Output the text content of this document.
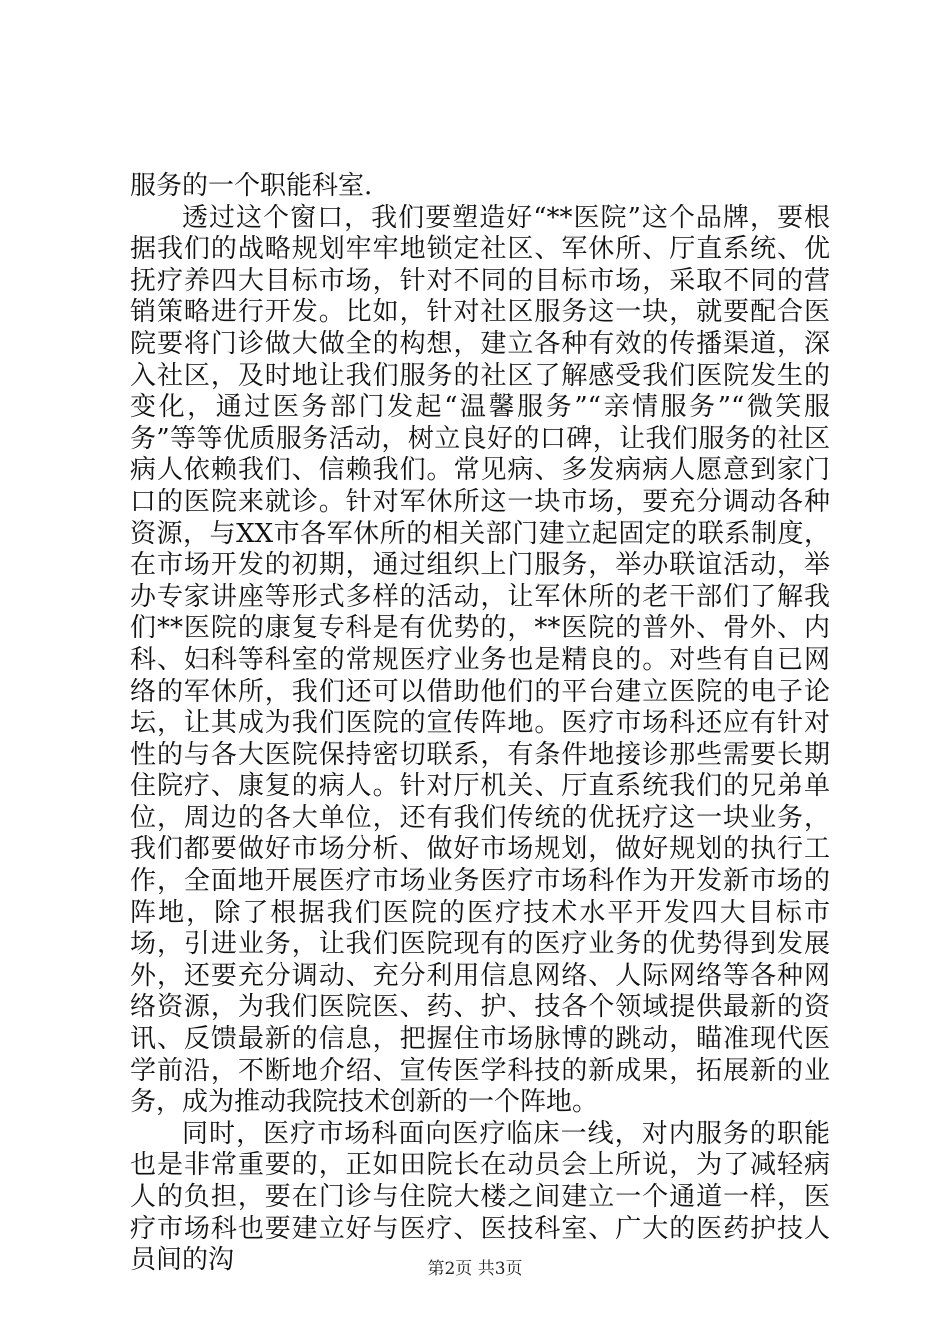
服务的一个职能科室.

透过这个窗口，我们要塑造好“**医院”这个品牌，要根据我们的战略规划牢牢地锁定社区、军休所、厅直系统、优抚疗养四大目标市场，针对不同的目标市场，采取不同的营销策略进行开发。比如，针对社区服务这一块，就要配合医院要将门诊做大做全的构想，建立各种有效的传播渠道，深入社区，及时地让我们服务的社区了解感受我们医院发生的变化，通过医务部门发起“温馨服务”“亲情服务”“微笑服务”等等优质服务活动，树立良好的口碑，让我们服务的社区病人依赖我们、信赖我们。常见病、多发病病人愿意到家门口的医院来就诊。针对军休所这一块市场，要充分调动各种资源，与XX市各军休所的相关部门建立起固定的联系制度，在市场开发的初期，通过组织上门服务，举办联谊活动，举办专家讲座等形式多样的活动，让军休所的老干部们了解我们**医院的康复专科是有优势的，**医院的普外、骨外、内科、妇科等科室的常规医疗业务也是精良的。对些有自已网络的军休所，我们还可以借助他们的平台建立医院的电子论坛，让其成为我们医院的宣传阵地。医疗市场科还应有针对性的与各大医院保持密切联系，有条件地接诊那些需要长期住院疗、康复的病人。针对厅机关、厅直系统我们的兄弟单位，周边的各大单位，还有我们传统的优抚疗这一块业务，我们都要做好市场分析、做好市场规划，做好规划的执行工作，全面地开展医疗市场业务医疗市场科作为开发新市场的阵地，除了根据我们医院的医疗技术水平开发四大目标市场，引进业务，让我们医院现有的医疗业务的优势得到发展外，还要充分调动、充分利用信息网络、人际网络等各种网络资源，为我们医院医、药、护、技各个领域提供最新的资讯、反馈最新的信息，把握住市场脉博的跳动，瞄准现代医学前沿，不断地介绍、宣传医学科技的新成果，拓展新的业务，成为推动我院技术创新的一个阵地。

同时，医疗市场科面向医疗临床一线，对内服务的职能也是非常重要的，正如田院长在动员会上所说，为了减轻病人的负担，要在门诊与住院大楼之间建立一个通道一样，医疗市场科也要建立好与医疗、医技科室、广大的医药护技人员间的沟	第2页 共3页
